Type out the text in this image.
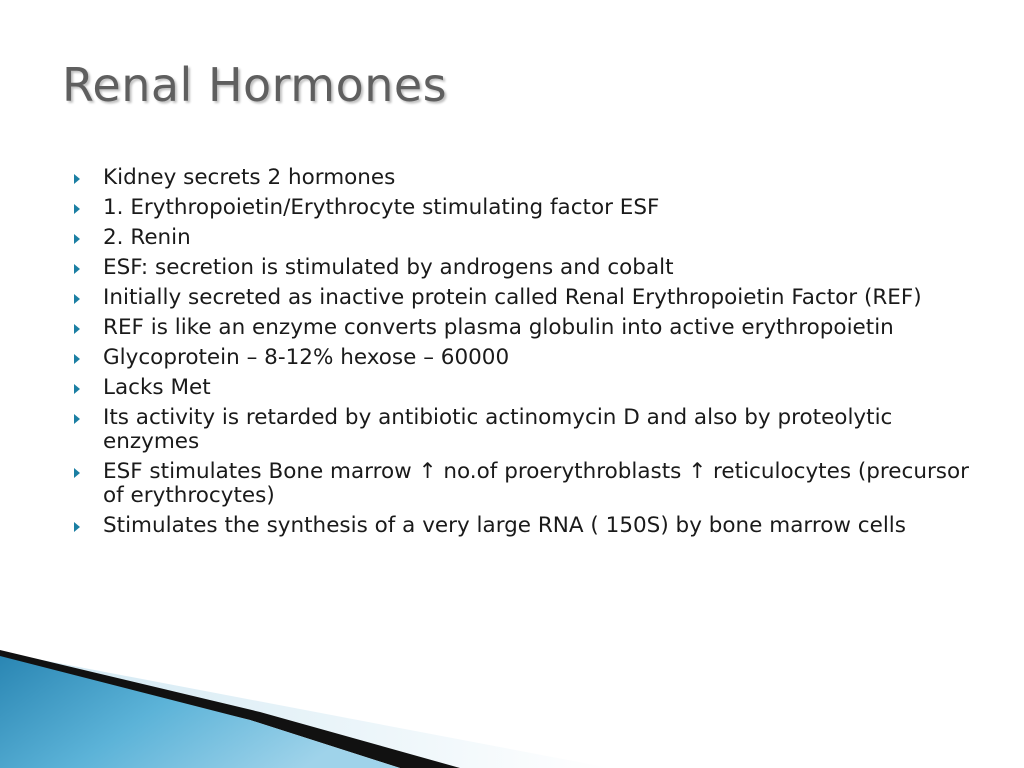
Renal Hormones
Kidney secrets 2 hormones
1. Erythropoietin/Erythrocyte stimulating factor ESF
2. Renin
ESF: secretion is stimulated by androgens and cobalt
Initially secreted as inactive protein called Renal Erythropoietin Factor (REF)
REF is like an enzyme converts plasma globulin into active erythropoietin
Glycoprotein – 8-12% hexose – 60000
Lacks Met
Its activity is retarded by antibiotic actinomycin D and also by proteolytic enzymes
ESF stimulates Bone marrow ↑ no.of proerythroblasts ↑ reticulocytes (precursor of erythrocytes)
Stimulates the synthesis of a very large RNA ( 150S) by bone marrow cells
